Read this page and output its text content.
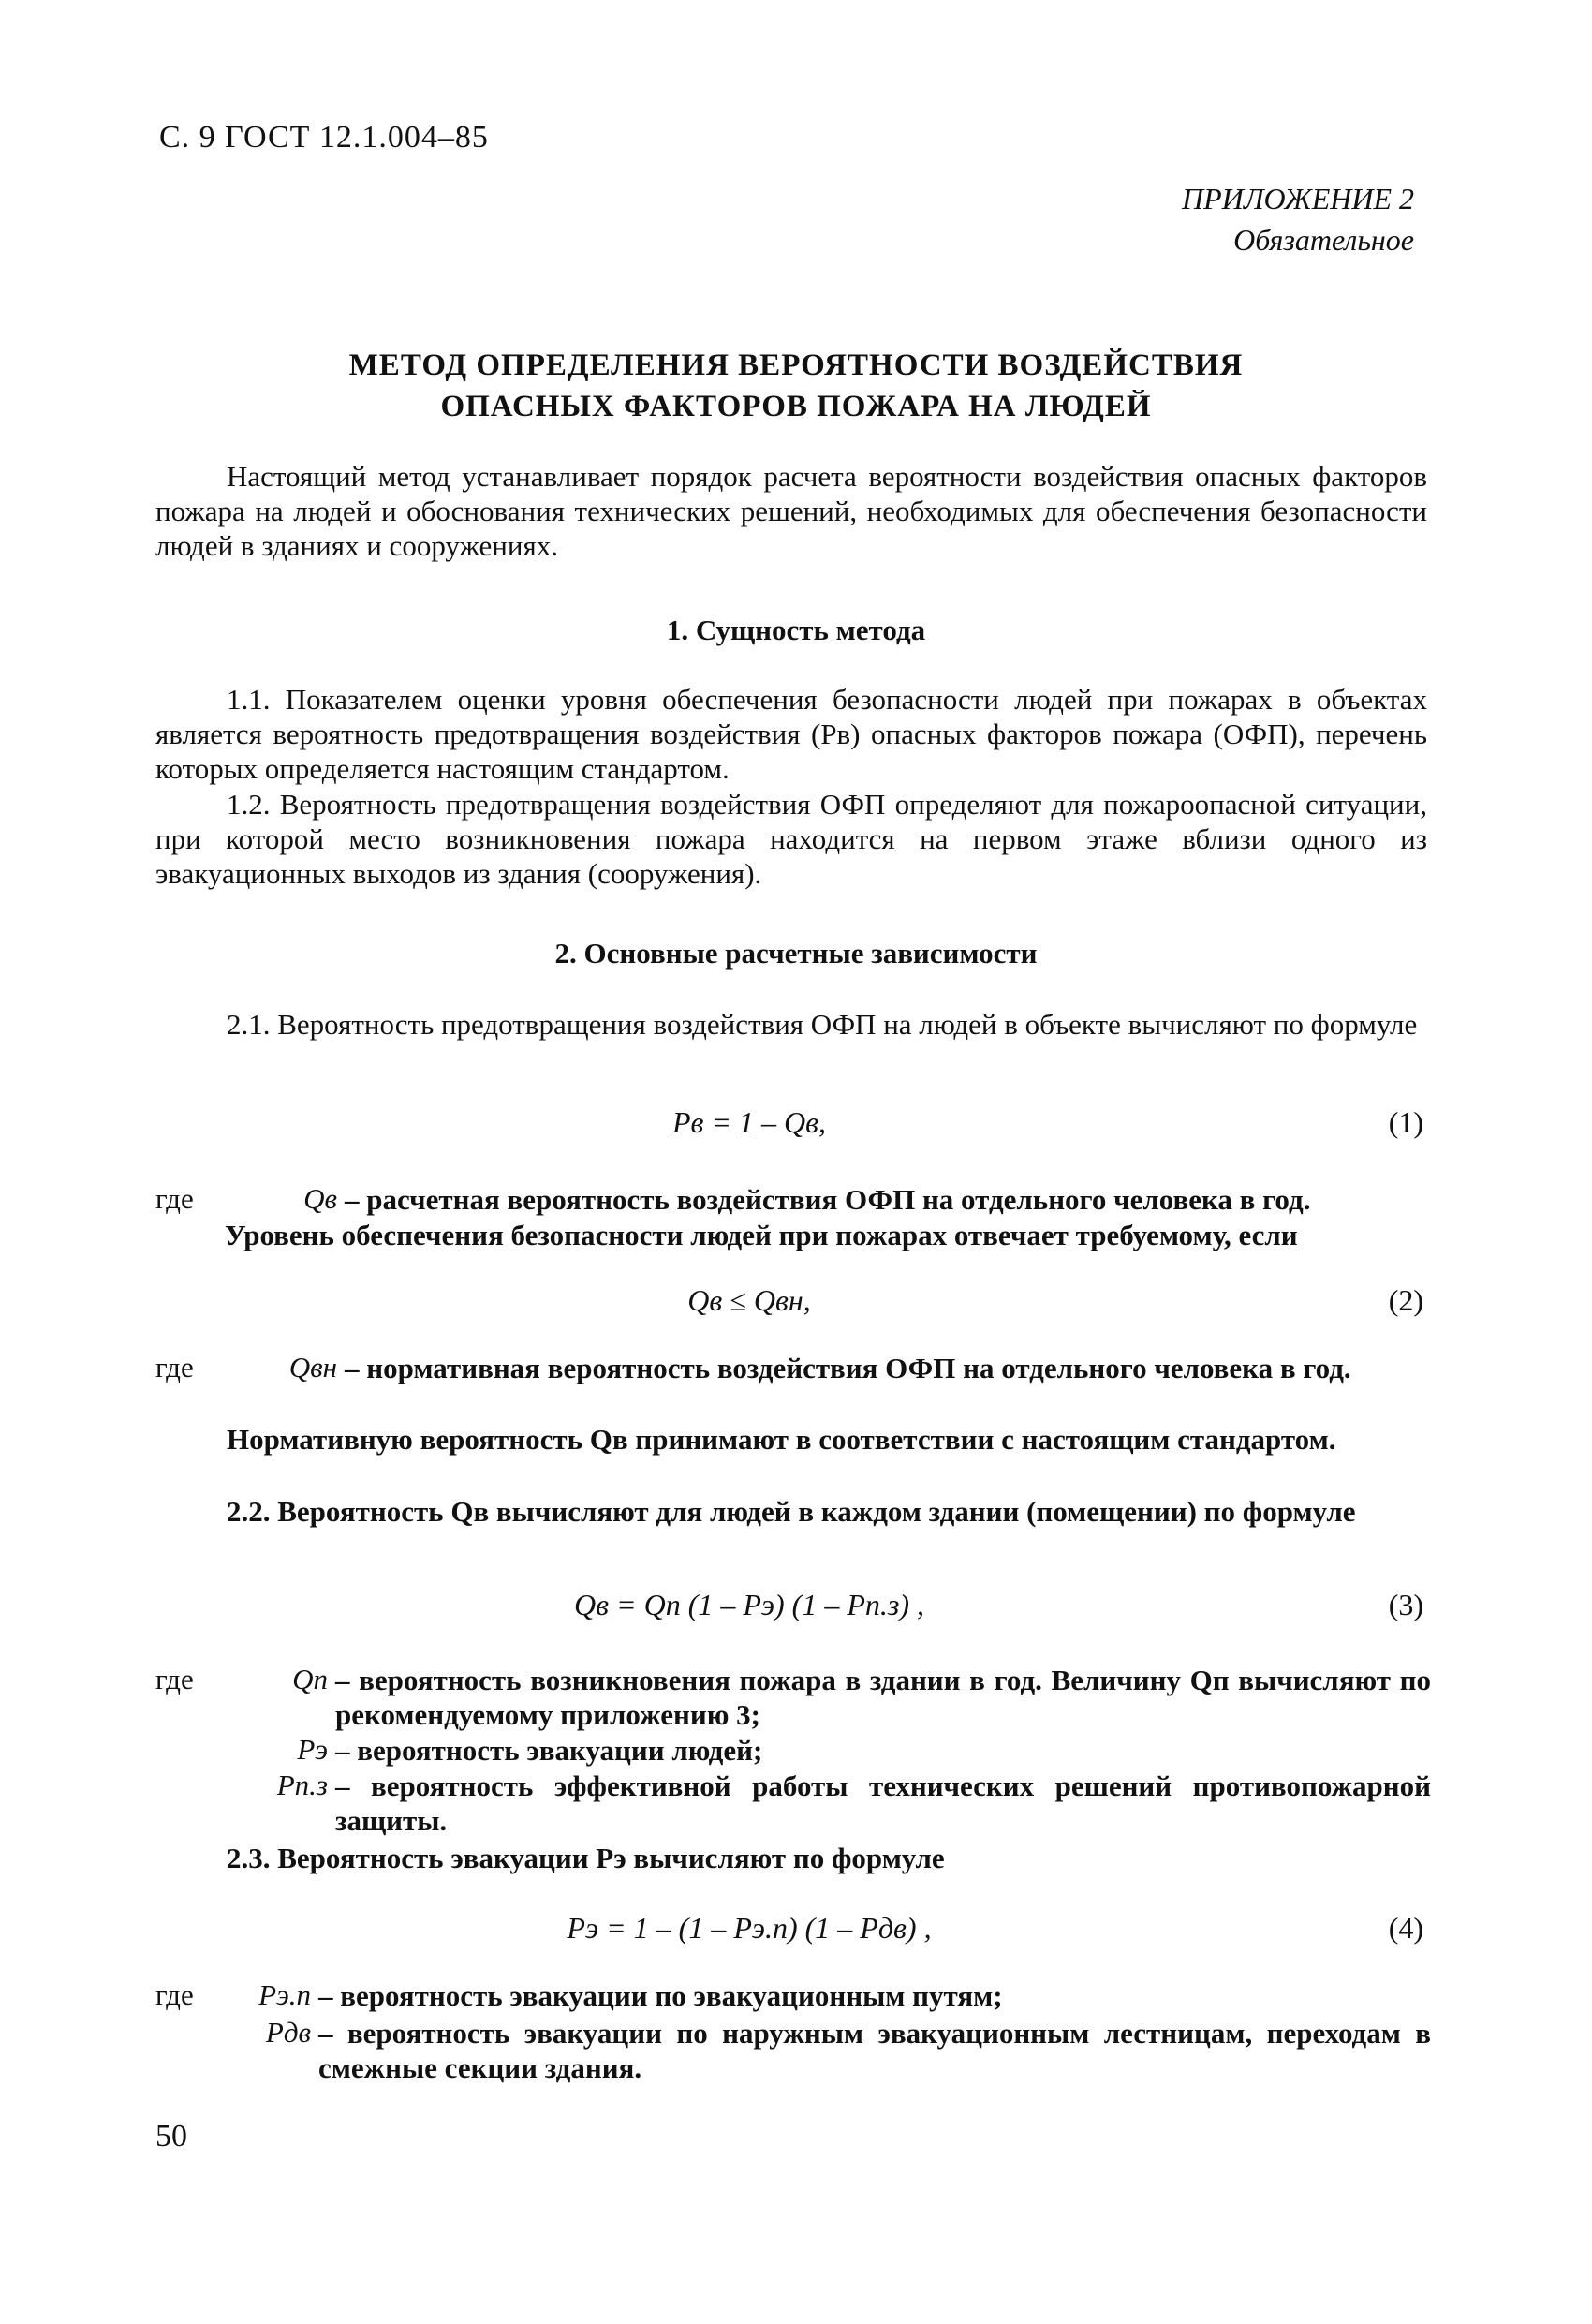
С. 9 ГОСТ 12.1.004–85
ПРИЛОЖЕНИЕ 2
Обязательное
МЕТОД ОПРЕДЕЛЕНИЯ ВЕРОЯТНОСТИ ВОЗДЕЙСТВИЯ
ОПАСНЫХ ФАКТОРОВ ПОЖАРА НА ЛЮДЕЙ
Настоящий метод устанавливает порядок расчета вероятности воздействия опасных факторов пожара на людей и обоснования технических решений, необходимых для обеспечения безопасности людей в зданиях и сооружениях.
1. Сущность метода
1.1. Показателем оценки уровня обеспечения безопасности людей при пожарах в объектах является вероятность предотвращения воздействия (Pв) опасных факторов пожара (ОФП), перечень которых определяется настоящим стандартом.
1.2. Вероятность предотвращения воздействия ОФП определяют для пожароопасной ситуации, при которой место возникновения пожара находится на первом этаже вблизи одного из эвакуационных выходов из здания (сооружения).
2. Основные расчетные зависимости
2.1. Вероятность предотвращения воздействия ОФП на людей в объекте вычисляют по формуле
Pв = 1 – Qв,	(1)
где	Qв – расчетная вероятность воздействия ОФП на отдельного человека в год.
Уровень обеспечения безопасности людей при пожарах отвечает требуемому, если
Qв ≤ Qвн,	(2)
где	Qвн – нормативная вероятность воздействия ОФП на отдельного человека в год.
Нормативную вероятность Qв принимают в соответствии с настоящим стандартом.
2.2. Вероятность Qв вычисляют для людей в каждом здании (помещении) по формуле
Qв = Qп (1 – Pэ) (1 – Pп.з) ,	(3)
где	Qп – вероятность возникновения пожара в здании в год. Величину Qп вычисляют по рекомендуемому приложению 3;
Pэ – вероятность эвакуации людей;
Pп.з – вероятность эффективной работы технических решений противопожарной защиты.
2.3. Вероятность эвакуации Pэ вычисляют по формуле
Pэ = 1 – (1 – Pэ.п) (1 – Pдв) ,	(4)
где	Pэ.п – вероятность эвакуации по эвакуационным путям;
Pдв – вероятность эвакуации по наружным эвакуационным лестницам, переходам в смежные секции здания.
50
